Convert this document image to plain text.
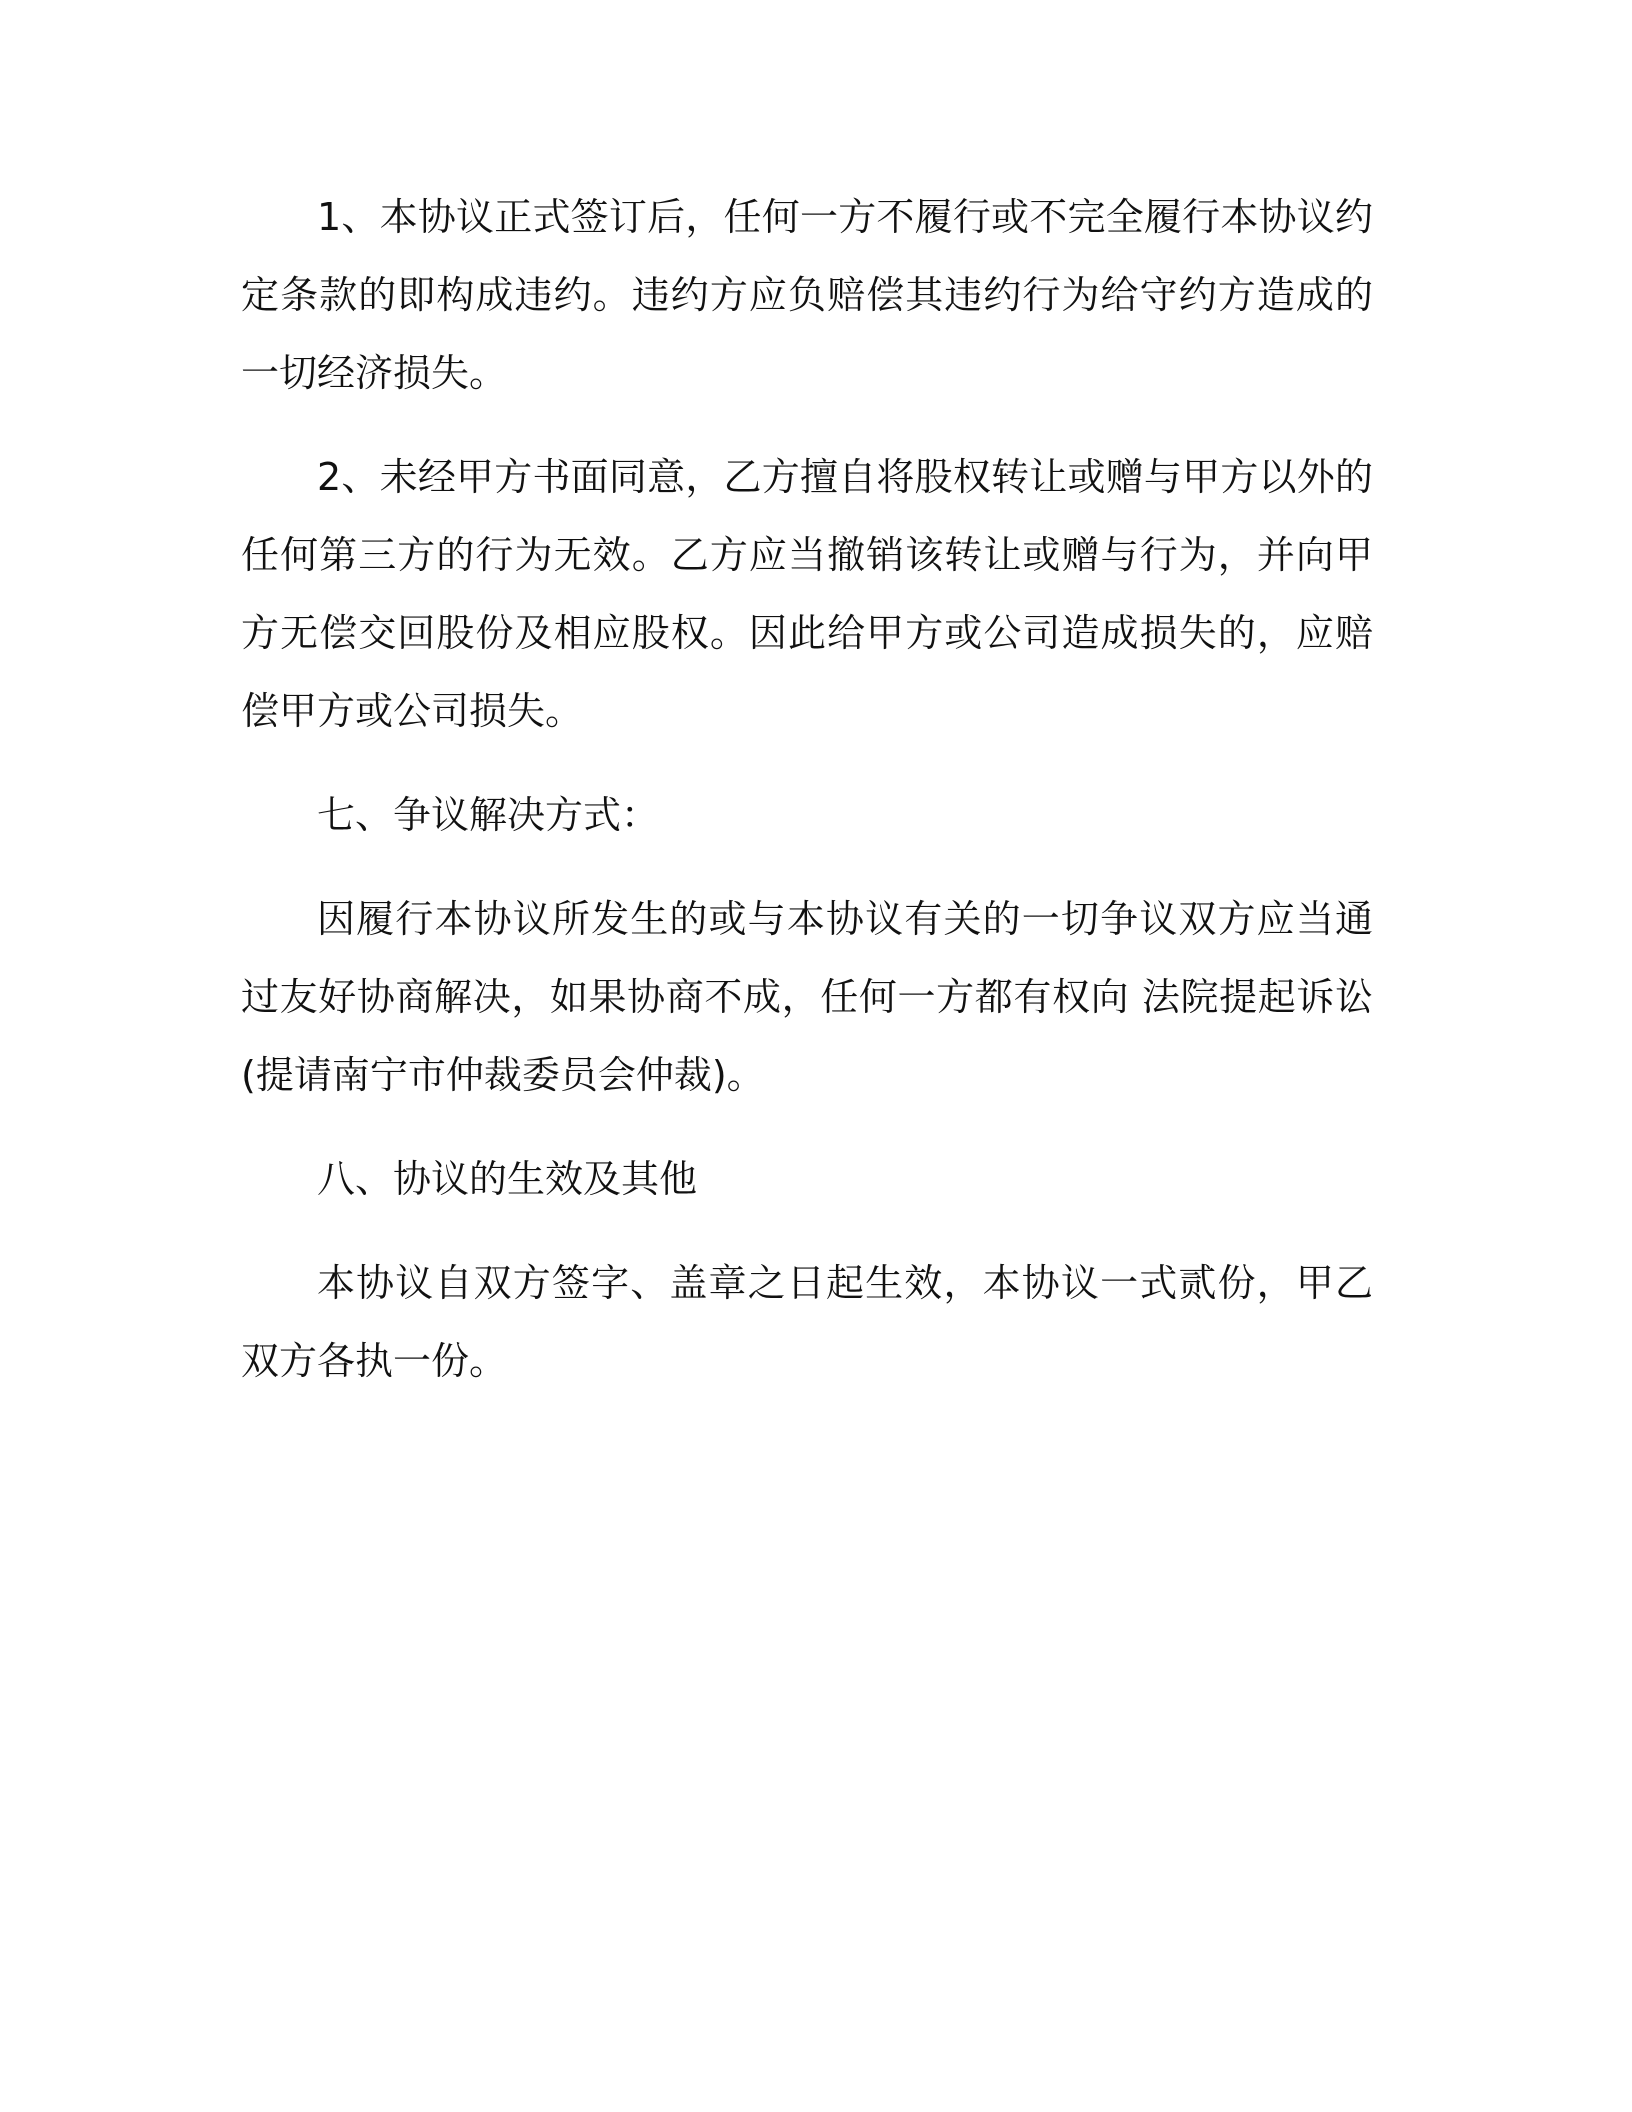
1、本协议正式签订后，任何一方不履行或不完全履行本协议约定条款的即构成违约。违约方应负赔偿其违约行为给守约方造成的一切经济损失。

2、未经甲方书面同意，乙方擅自将股权转让或赠与甲方以外的任何第三方的行为无效。乙方应当撤销该转让或赠与行为，并向甲方无偿交回股份及相应股权。因此给甲方或公司造成损失的，应赔偿甲方或公司损失。

七、争议解决方式：

因履行本协议所发生的或与本协议有关的一切争议双方应当通过友好协商解决，如果协商不成，任何一方都有权向 法院提起诉讼(提请南宁市仲裁委员会仲裁)。

八、协议的生效及其他

本协议自双方签字、盖章之日起生效，本协议一式贰份，甲乙双方各执一份。
